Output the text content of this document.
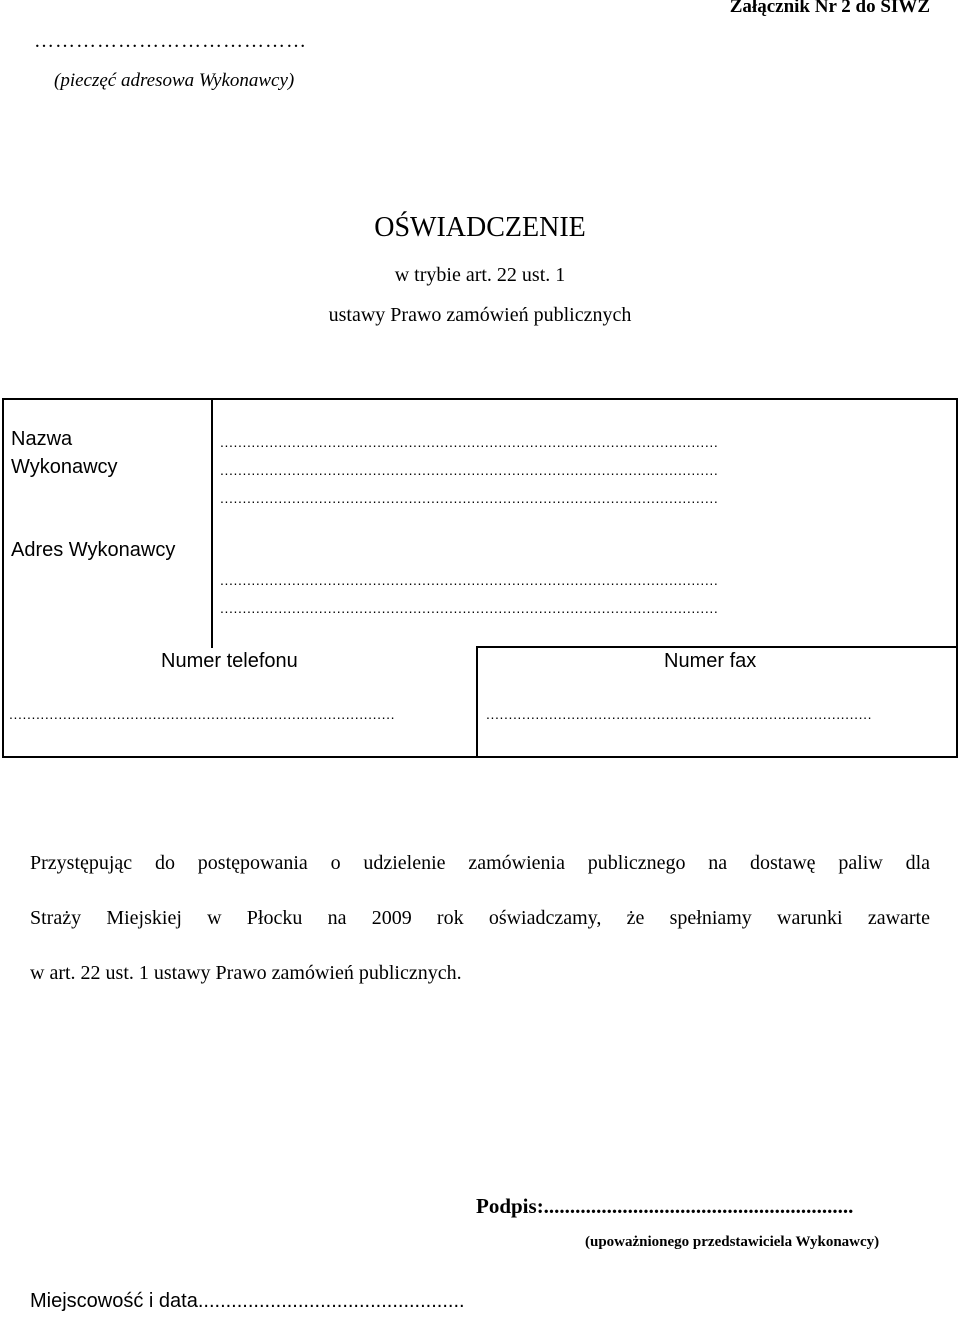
Załącznik Nr 2 do SIWZ
…………………………………
(pieczęć adresowa Wykonawcy)
OŚWIADCZENIE
w trybie art. 22 ust. 1
ustawy Prawo zamówień publicznych
Nazwa
Wykonawcy
...............................................................................................................
...............................................................................................................
...............................................................................................................
Adres Wykonawcy
...............................................................................................................
...............................................................................................................
Numer telefonu
......................................................................................
Numer fax
......................................................................................
Przystępując do postępowania o udzielenie zamówienia publicznego na dostawę paliw dla
Straży Miejskiej w Płocku na 2009 rok oświadczamy, że spełniamy warunki zawarte
w art. 22 ust. 1 ustawy Prawo zamówień publicznych.
Podpis:...........................................................
(upoważnionego przedstawiciela Wykonawcy)
Miejscowość i data................................................
